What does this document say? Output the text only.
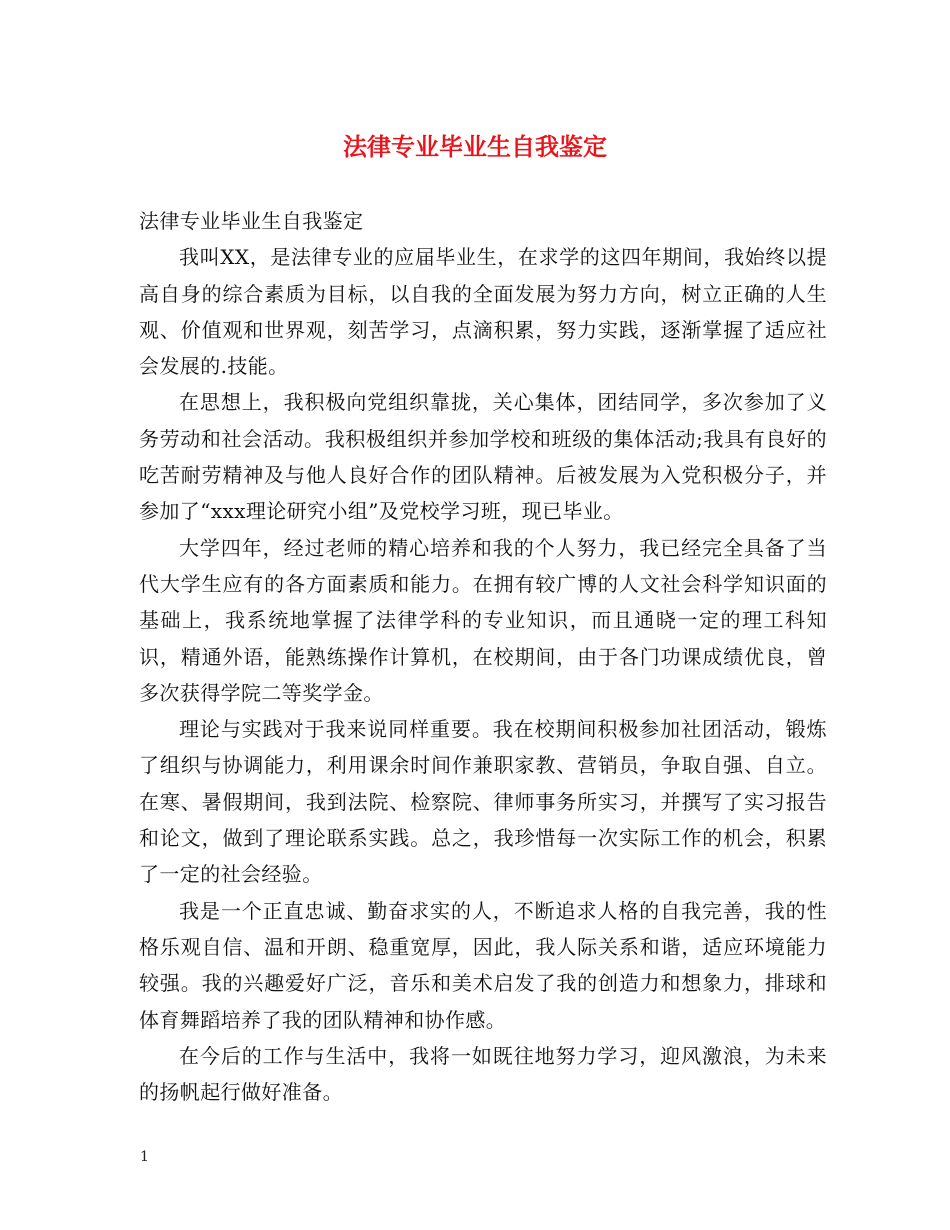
法律专业毕业生自我鉴定

法律专业毕业生自我鉴定

我叫XX，是法律专业的应届毕业生，在求学的这四年期间，我始终以提高自身的综合素质为目标，以自我的全面发展为努力方向，树立正确的人生观、价值观和世界观，刻苦学习，点滴积累，努力实践，逐渐掌握了适应社会发展的.技能。

在思想上，我积极向党组织靠拢，关心集体，团结同学，多次参加了义务劳动和社会活动。我积极组织并参加学校和班级的集体活动;我具有良好的吃苦耐劳精神及与他人良好合作的团队精神。后被发展为入党积极分子，并参加了“xxx理论研究小组”及党校学习班，现已毕业。

大学四年，经过老师的精心培养和我的个人努力，我已经完全具备了当代大学生应有的各方面素质和能力。在拥有较广博的人文社会科学知识面的基础上，我系统地掌握了法律学科的专业知识，而且通晓一定的理工科知识，精通外语，能熟练操作计算机，在校期间，由于各门功课成绩优良，曾多次获得学院二等奖学金。

理论与实践对于我来说同样重要。我在校期间积极参加社团活动，锻炼了组织与协调能力，利用课余时间作兼职家教、营销员，争取自强、自立。在寒、暑假期间，我到法院、检察院、律师事务所实习，并撰写了实习报告和论文，做到了理论联系实践。总之，我珍惜每一次实际工作的机会，积累了一定的社会经验。

我是一个正直忠诚、勤奋求实的人，不断追求人格的自我完善，我的性格乐观自信、温和开朗、稳重宽厚，因此，我人际关系和谐，适应环境能力较强。我的兴趣爱好广泛，音乐和美术启发了我的创造力和想象力，排球和体育舞蹈培养了我的团队精神和协作感。

在今后的工作与生活中，我将一如既往地努力学习，迎风激浪，为未来的扬帆起行做好准备。

1
